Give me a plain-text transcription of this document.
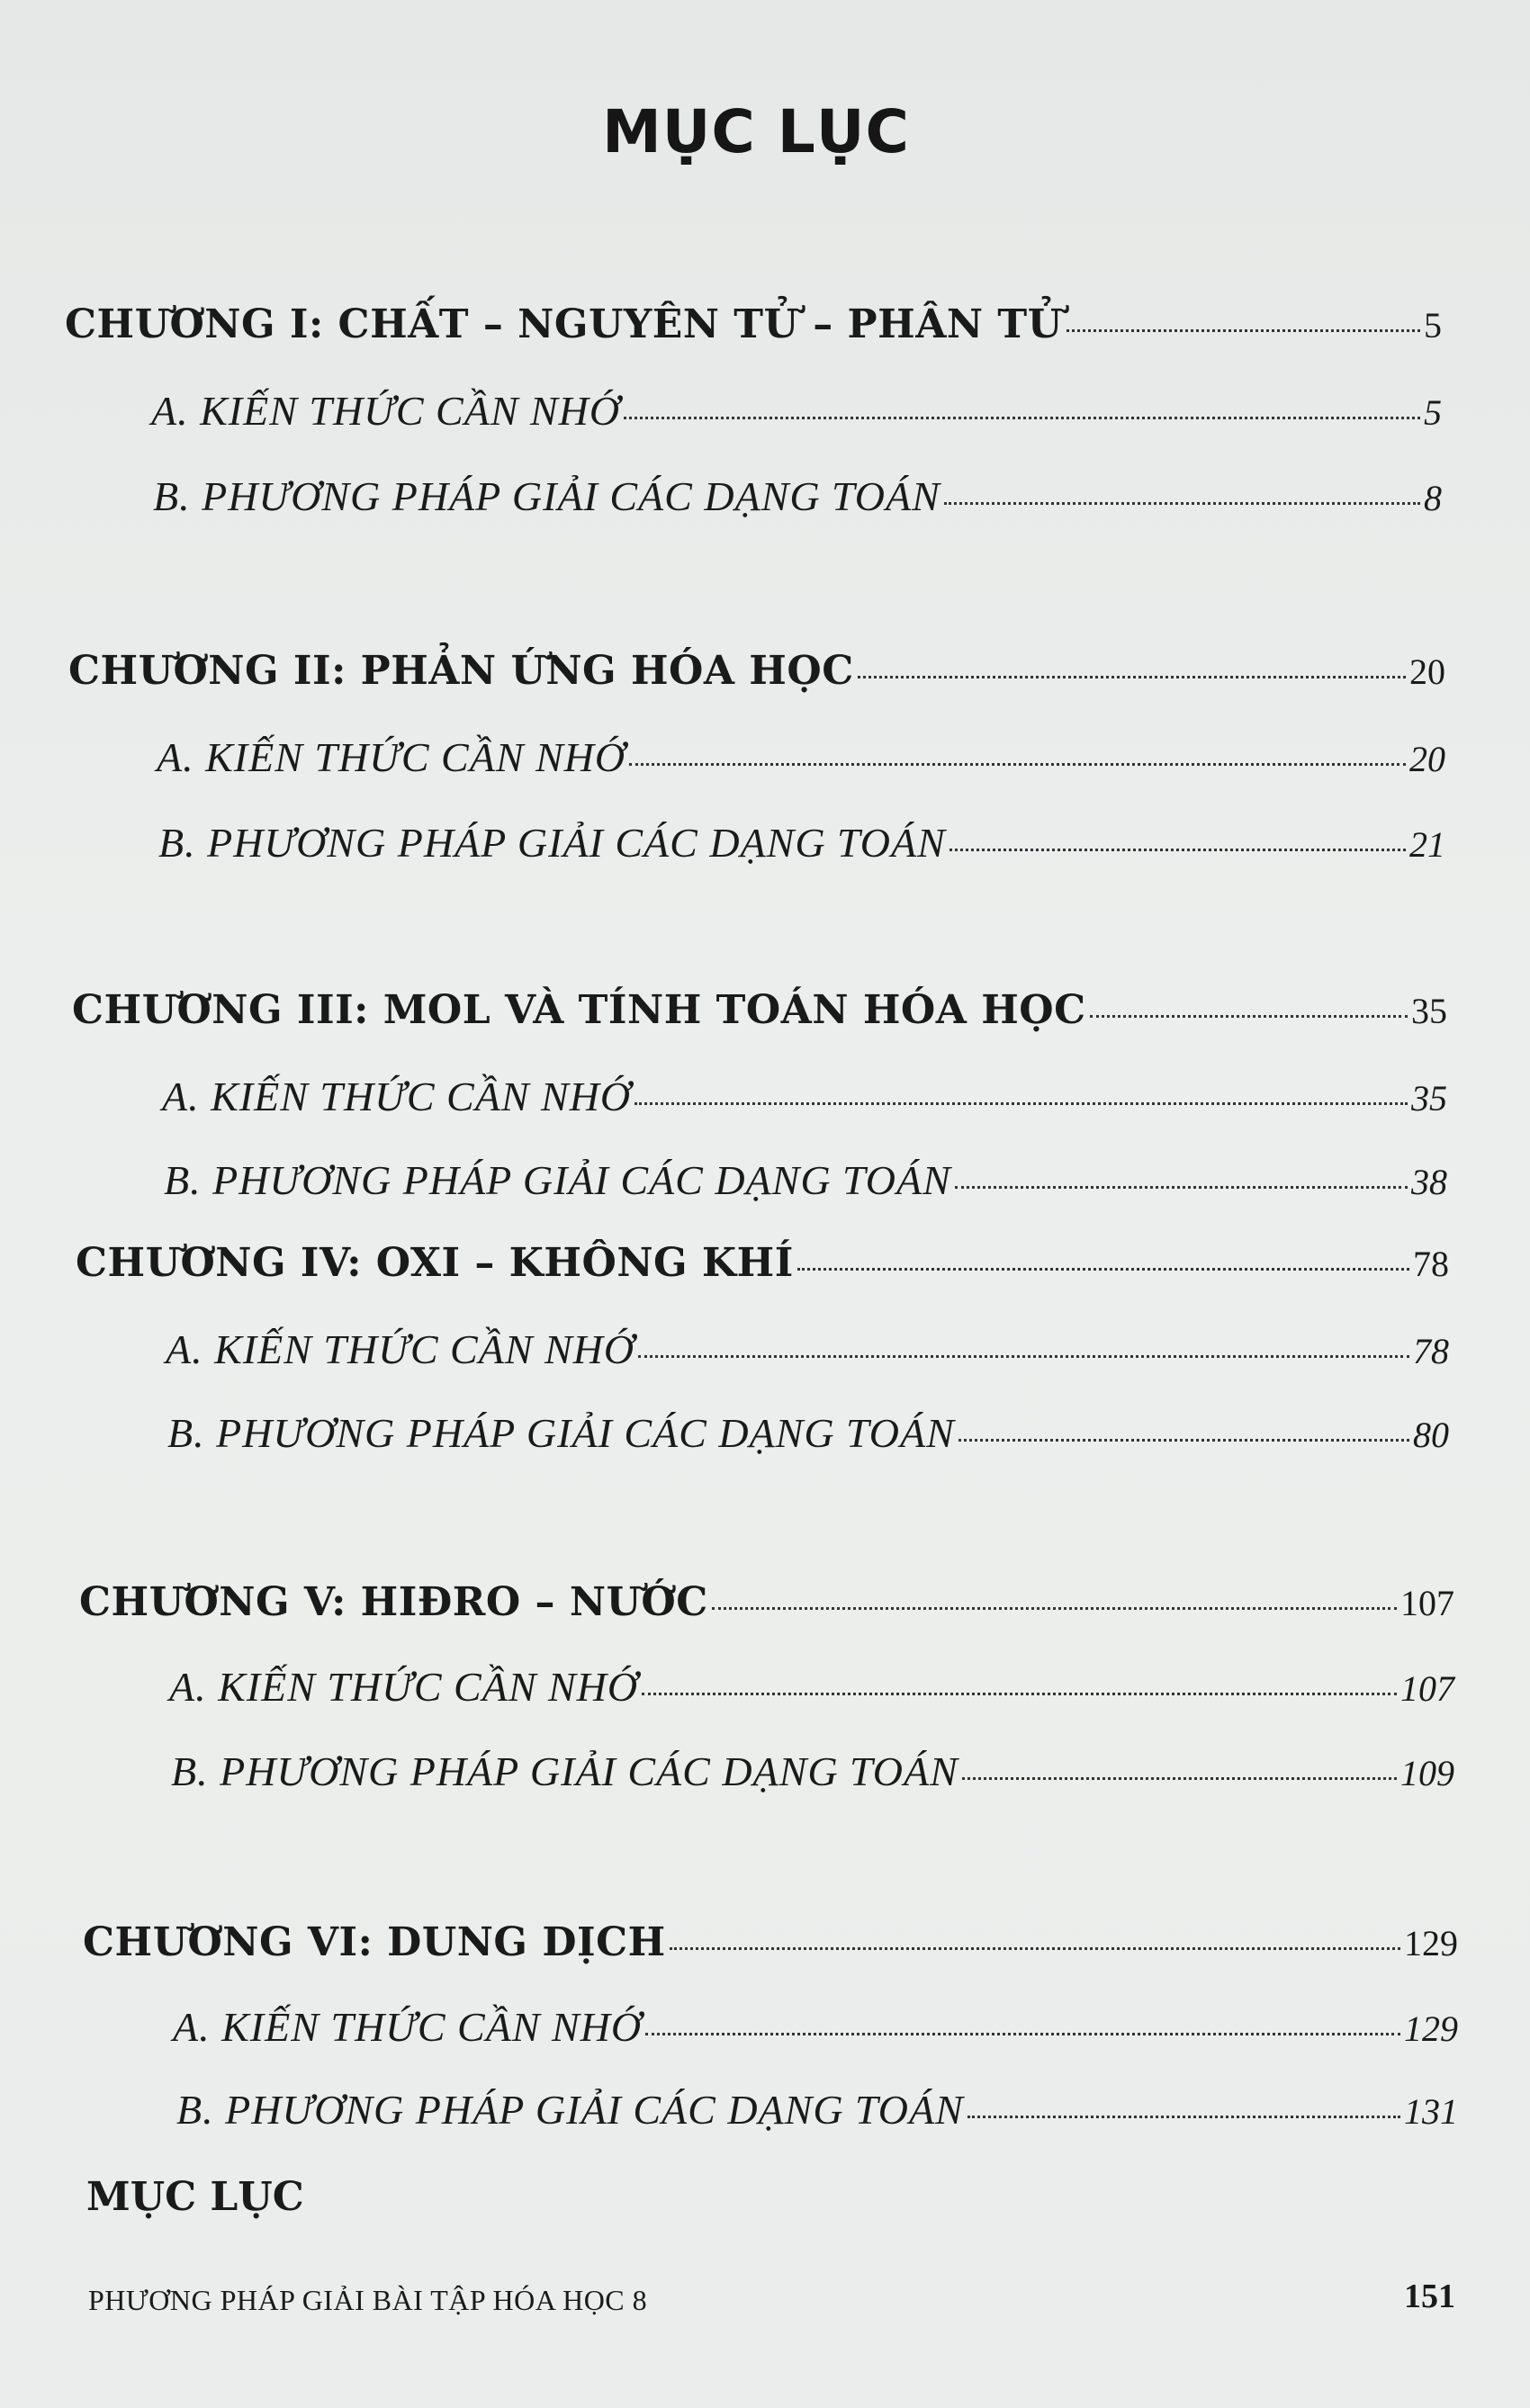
MỤC LỤC
CHƯƠNG I: CHẤT – NGUYÊN TỬ – PHÂN TỬ	5
A. KIẾN THỨC CẦN NHỚ	5
B. PHƯƠNG PHÁP GIẢI CÁC DẠNG TOÁN	8
CHƯƠNG II: PHẢN ỨNG HÓA HỌC	20
A. KIẾN THỨC CẦN NHỚ	20
B. PHƯƠNG PHÁP GIẢI CÁC DẠNG TOÁN	21
CHƯƠNG III: MOL VÀ TÍNH TOÁN HÓA HỌC	35
A. KIẾN THỨC CẦN NHỚ	35
B. PHƯƠNG PHÁP GIẢI CÁC DẠNG TOÁN	38
CHƯƠNG IV: OXI – KHÔNG KHÍ	78
A. KIẾN THỨC CẦN NHỚ	78
B. PHƯƠNG PHÁP GIẢI CÁC DẠNG TOÁN	80
CHƯƠNG V: HIĐRO – NƯỚC	107
A. KIẾN THỨC CẦN NHỚ	107
B. PHƯƠNG PHÁP GIẢI CÁC DẠNG TOÁN	109
CHƯƠNG VI: DUNG DỊCH	129
A. KIẾN THỨC CẦN NHỚ	129
B. PHƯƠNG PHÁP GIẢI CÁC DẠNG TOÁN	131
MỤC LỤC
PHƯƠNG PHÁP GIẢI BÀI TẬP HÓA HỌC 8	151
